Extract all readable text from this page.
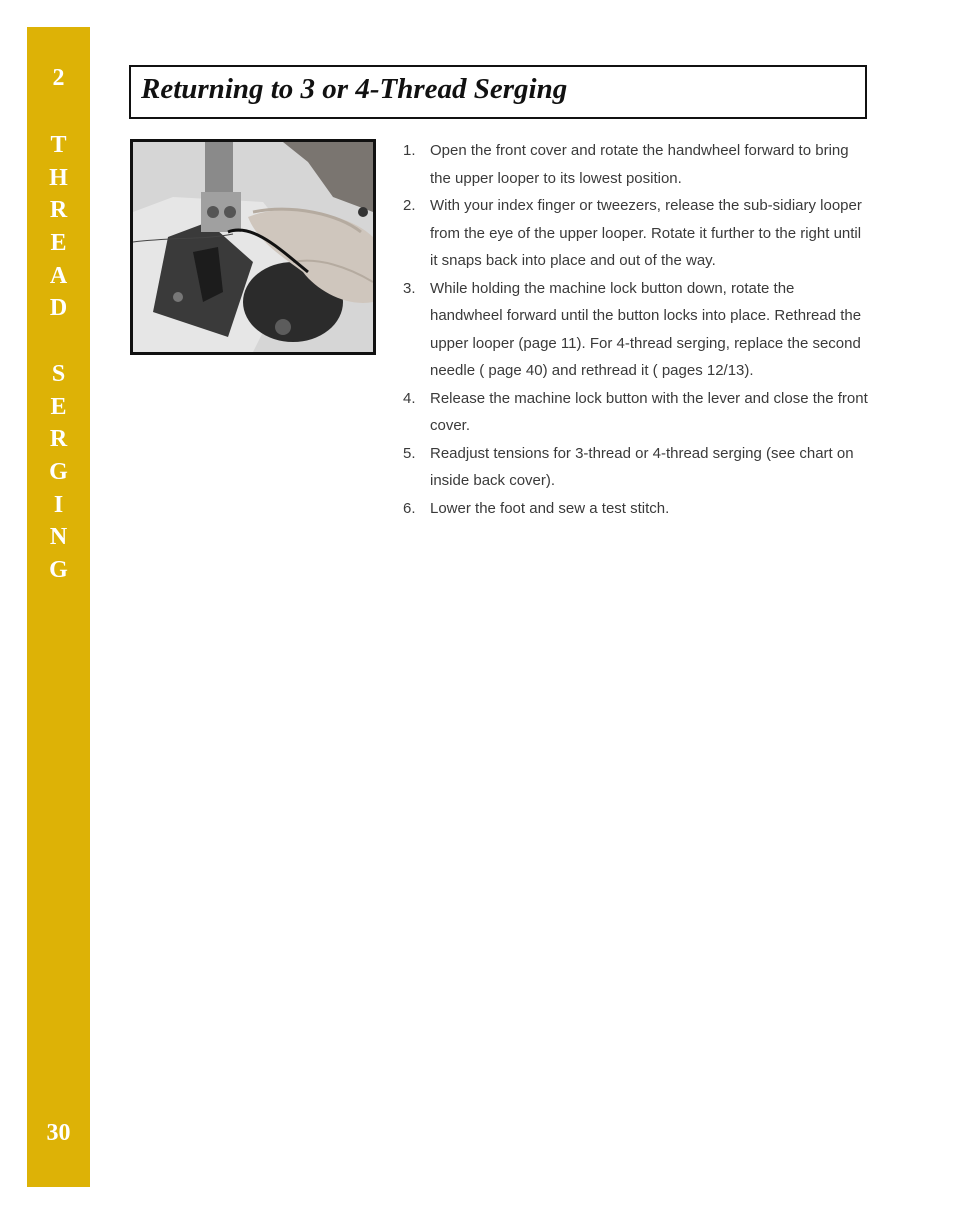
2
T
H
R
E
A
D
S
E
R
G
I
N
G
30
Returning to 3 or 4-Thread Serging
1. Open the front cover and rotate the handwheel forward to bring the upper looper to its lowest position.
2. With your index finger or tweezers, release the sub-sidiary looper from the eye of the upper looper. Rotate it further to the right until it snaps back into place and out of the way.
3. While holding the machine lock button down, rotate the handwheel forward until the button locks into place. Rethread the upper looper (page 11). For 4-thread serging, replace the second needle ( page 40) and rethread it ( pages 12/13).
4. Release the machine lock button with the lever and close the front cover.
5. Readjust tensions for 3-thread or 4-thread serging (see chart on inside back cover).
6. Lower the foot and sew a test stitch.
